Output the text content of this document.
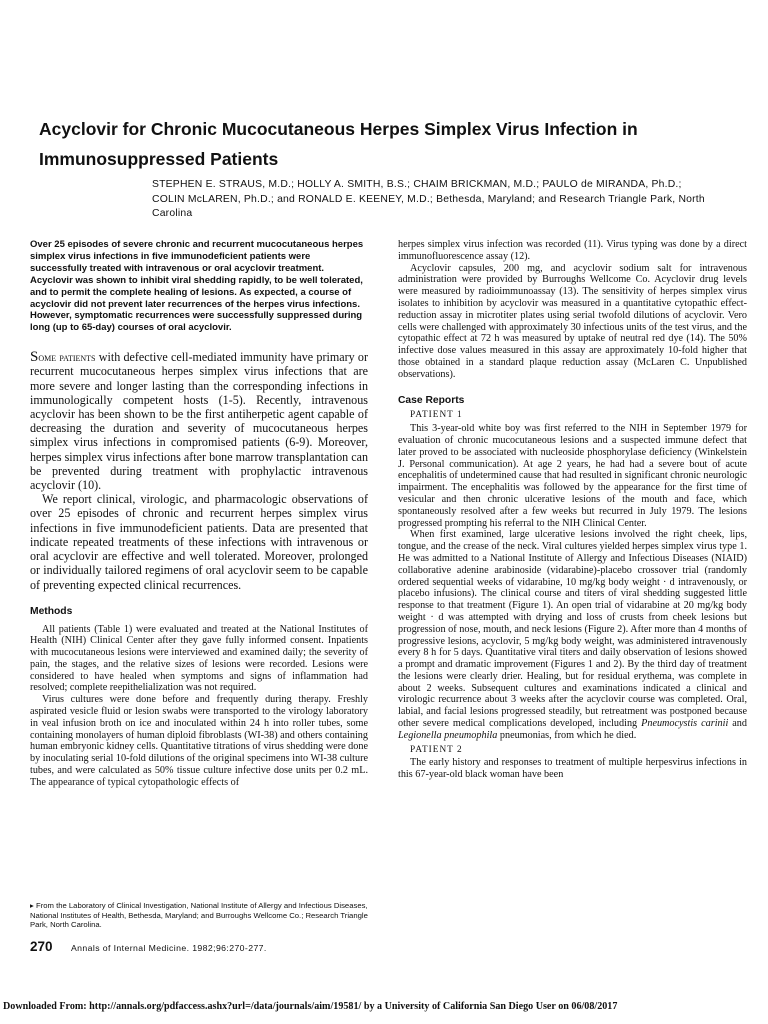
Acyclovir for Chronic Mucocutaneous Herpes Simplex Virus Infection in Immunosuppressed Patients
STEPHEN E. STRAUS, M.D.; HOLLY A. SMITH, B.S.; CHAIM BRICKMAN, M.D.; PAULO de MIRANDA, Ph.D.; COLIN McLAREN, Ph.D.; and RONALD E. KEENEY, M.D.; Bethesda, Maryland; and Research Triangle Park, North Carolina
Over 25 episodes of severe chronic and recurrent mucocutaneous herpes simplex virus infections in five immunodeficient patients were successfully treated with intravenous or oral acyclovir treatment. Acyclovir was shown to inhibit viral shedding rapidly, to be well tolerated, and to permit the complete healing of lesions. As expected, a course of acyclovir did not prevent later recurrences of the herpes virus infections. However, symptomatic recurrences were successfully suppressed during long (up to 65-day) courses of oral acyclovir.

Some patients with defective cell-mediated immunity have primary or recurrent mucocutaneous herpes simplex virus infections that are more severe and longer lasting than the corresponding infections in immunologically competent hosts (1-5). Recently, intravenous acyclovir has been shown to be the first antiherpetic agent capable of decreasing the duration and severity of mucocutaneous herpes simplex virus infections in compromised patients (6-9). Moreover, herpes simplex virus infections after bone marrow transplantation can be prevented during treatment with prophylactic intravenous acyclovir (10).

We report clinical, virologic, and pharmacologic observations of over 25 episodes of chronic and recurrent herpes simplex virus infections in five immunodeficient patients. Data are presented that indicate repeated treatments of these infections with intravenous or oral acyclovir are effective and well tolerated. Moreover, prolonged or individually tailored regimens of oral acyclovir seem to be capable of preventing expected clinical recurrences.

Methods

All patients (Table 1) were evaluated and treated at the National Institutes of Health (NIH) Clinical Center after they gave fully informed consent. Inpatients with mucocutaneous lesions were interviewed and examined daily; the severity of pain, the stages, and the relative sizes of lesions were recorded. Lesions were considered to have healed when symptoms and signs of inflammation had resolved; complete reepithelialization was not required.

Virus cultures were done before and frequently during therapy. Freshly aspirated vesicle fluid or lesion swabs were transported to the virology laboratory in veal infusion broth on ice and inoculated within 24 h into roller tubes, some containing monolayers of human diploid fibroblasts (WI-38) and others containing human embryonic kidney cells. Quantitative titrations of virus shedding were done by inoculating serial 10-fold dilutions of the original specimens into WI-38 culture tubes, and were calculated as 50% tissue culture infective dose units per 0.2 mL. The appearance of typical cytopathologic effects of

herpes simplex virus infection was recorded (11). Virus typing was done by a direct immunofluorescence assay (12).

Acyclovir capsules, 200 mg, and acyclovir sodium salt for intravenous administration were provided by Burroughs Wellcome Co. Acyclovir drug levels were measured by radioimmunoassay (13). The sensitivity of herpes simplex virus isolates to inhibition by acyclovir was measured in a quantitative cytopathic effect-reduction assay in microtiter plates using serial twofold dilutions of acyclovir. Vero cells were challenged with approximately 30 infectious units of the test virus, and the cytopathic effect at 72 h was measured by uptake of neutral red dye (14). The 50% infective dose values measured in this assay are approximately 10-fold higher that those obtained in a standard plaque reduction assay (McLaren C. Unpublished observations).

Case Reports
PATIENT 1

This 3-year-old white boy was first referred to the NIH in September 1979 for evaluation of chronic mucocutaneous lesions and a suspected immune defect that later proved to be associated with nucleoside phosphorylase deficiency (Winkelstein J. Personal communication). At age 2 years, he had had a severe bout of acute encephalitis of undetermined cause that had resulted in significant chronic neurologic impairment. The encephalitis was followed by the appearance for the first time of vesicular and then chronic ulcerative lesions of the mouth and face, which spontaneously resolved after a few weeks but recurred in July 1979. The lesions progressed prompting his referral to the NIH Clinical Center.

When first examined, large ulcerative lesions involved the right cheek, lips, tongue, and the crease of the neck. Viral cultures yielded herpes simplex virus type 1. He was admitted to a National Institute of Allergy and Infectious Diseases (NIAID) collaborative adenine arabinoside (vidarabine)-placebo crossover trial (randomly ordered sequential weeks of vidarabine, 10 mg/kg body weight · d intravenously, or placebo infusions). The clinical course and titers of viral shedding suggested little response to that treatment (Figure 1). An open trial of vidarabine at 20 mg/kg body weight · d was attempted with drying and loss of crusts from cheek lesions but progression of nose, mouth, and neck lesions (Figure 2). After more than 4 months of progressive lesions, acyclovir, 5 mg/kg body weight, was administered intravenously every 8 h for 5 days. Quantitative viral titers and daily observation of lesions showed a prompt and dramatic improvement (Figures 1 and 2). By the third day of treatment the lesions were clearly drier. Healing, but for residual erythema, was complete in about 2 weeks. Subsequent cultures and examinations indicated a clinical and virologic recurrence about 3 weeks after the acyclovir course was completed. Oral, labial, and facial lesions progressed steadily, but retreatment was postponed because other severe medical complications developed, including Pneumocystis carinii and Legionella pneumophila pneumonias, from which he died.

PATIENT 2

The early history and responses to treatment of multiple herpesvirus infections in this 67-year-old black woman have been

▸ From the Laboratory of Clinical Investigation, National Institute of Allergy and Infectious Diseases, National Institutes of Health, Bethesda, Maryland; and Burroughs Wellcome Co.; Research Triangle Park, North Carolina.
270 Annals of Internal Medicine. 1982;96:270-277.
Downloaded From: http://annals.org/pdfaccess.ashx?url=/data/journals/aim/19581/ by a University of California San Diego User on 06/08/2017
